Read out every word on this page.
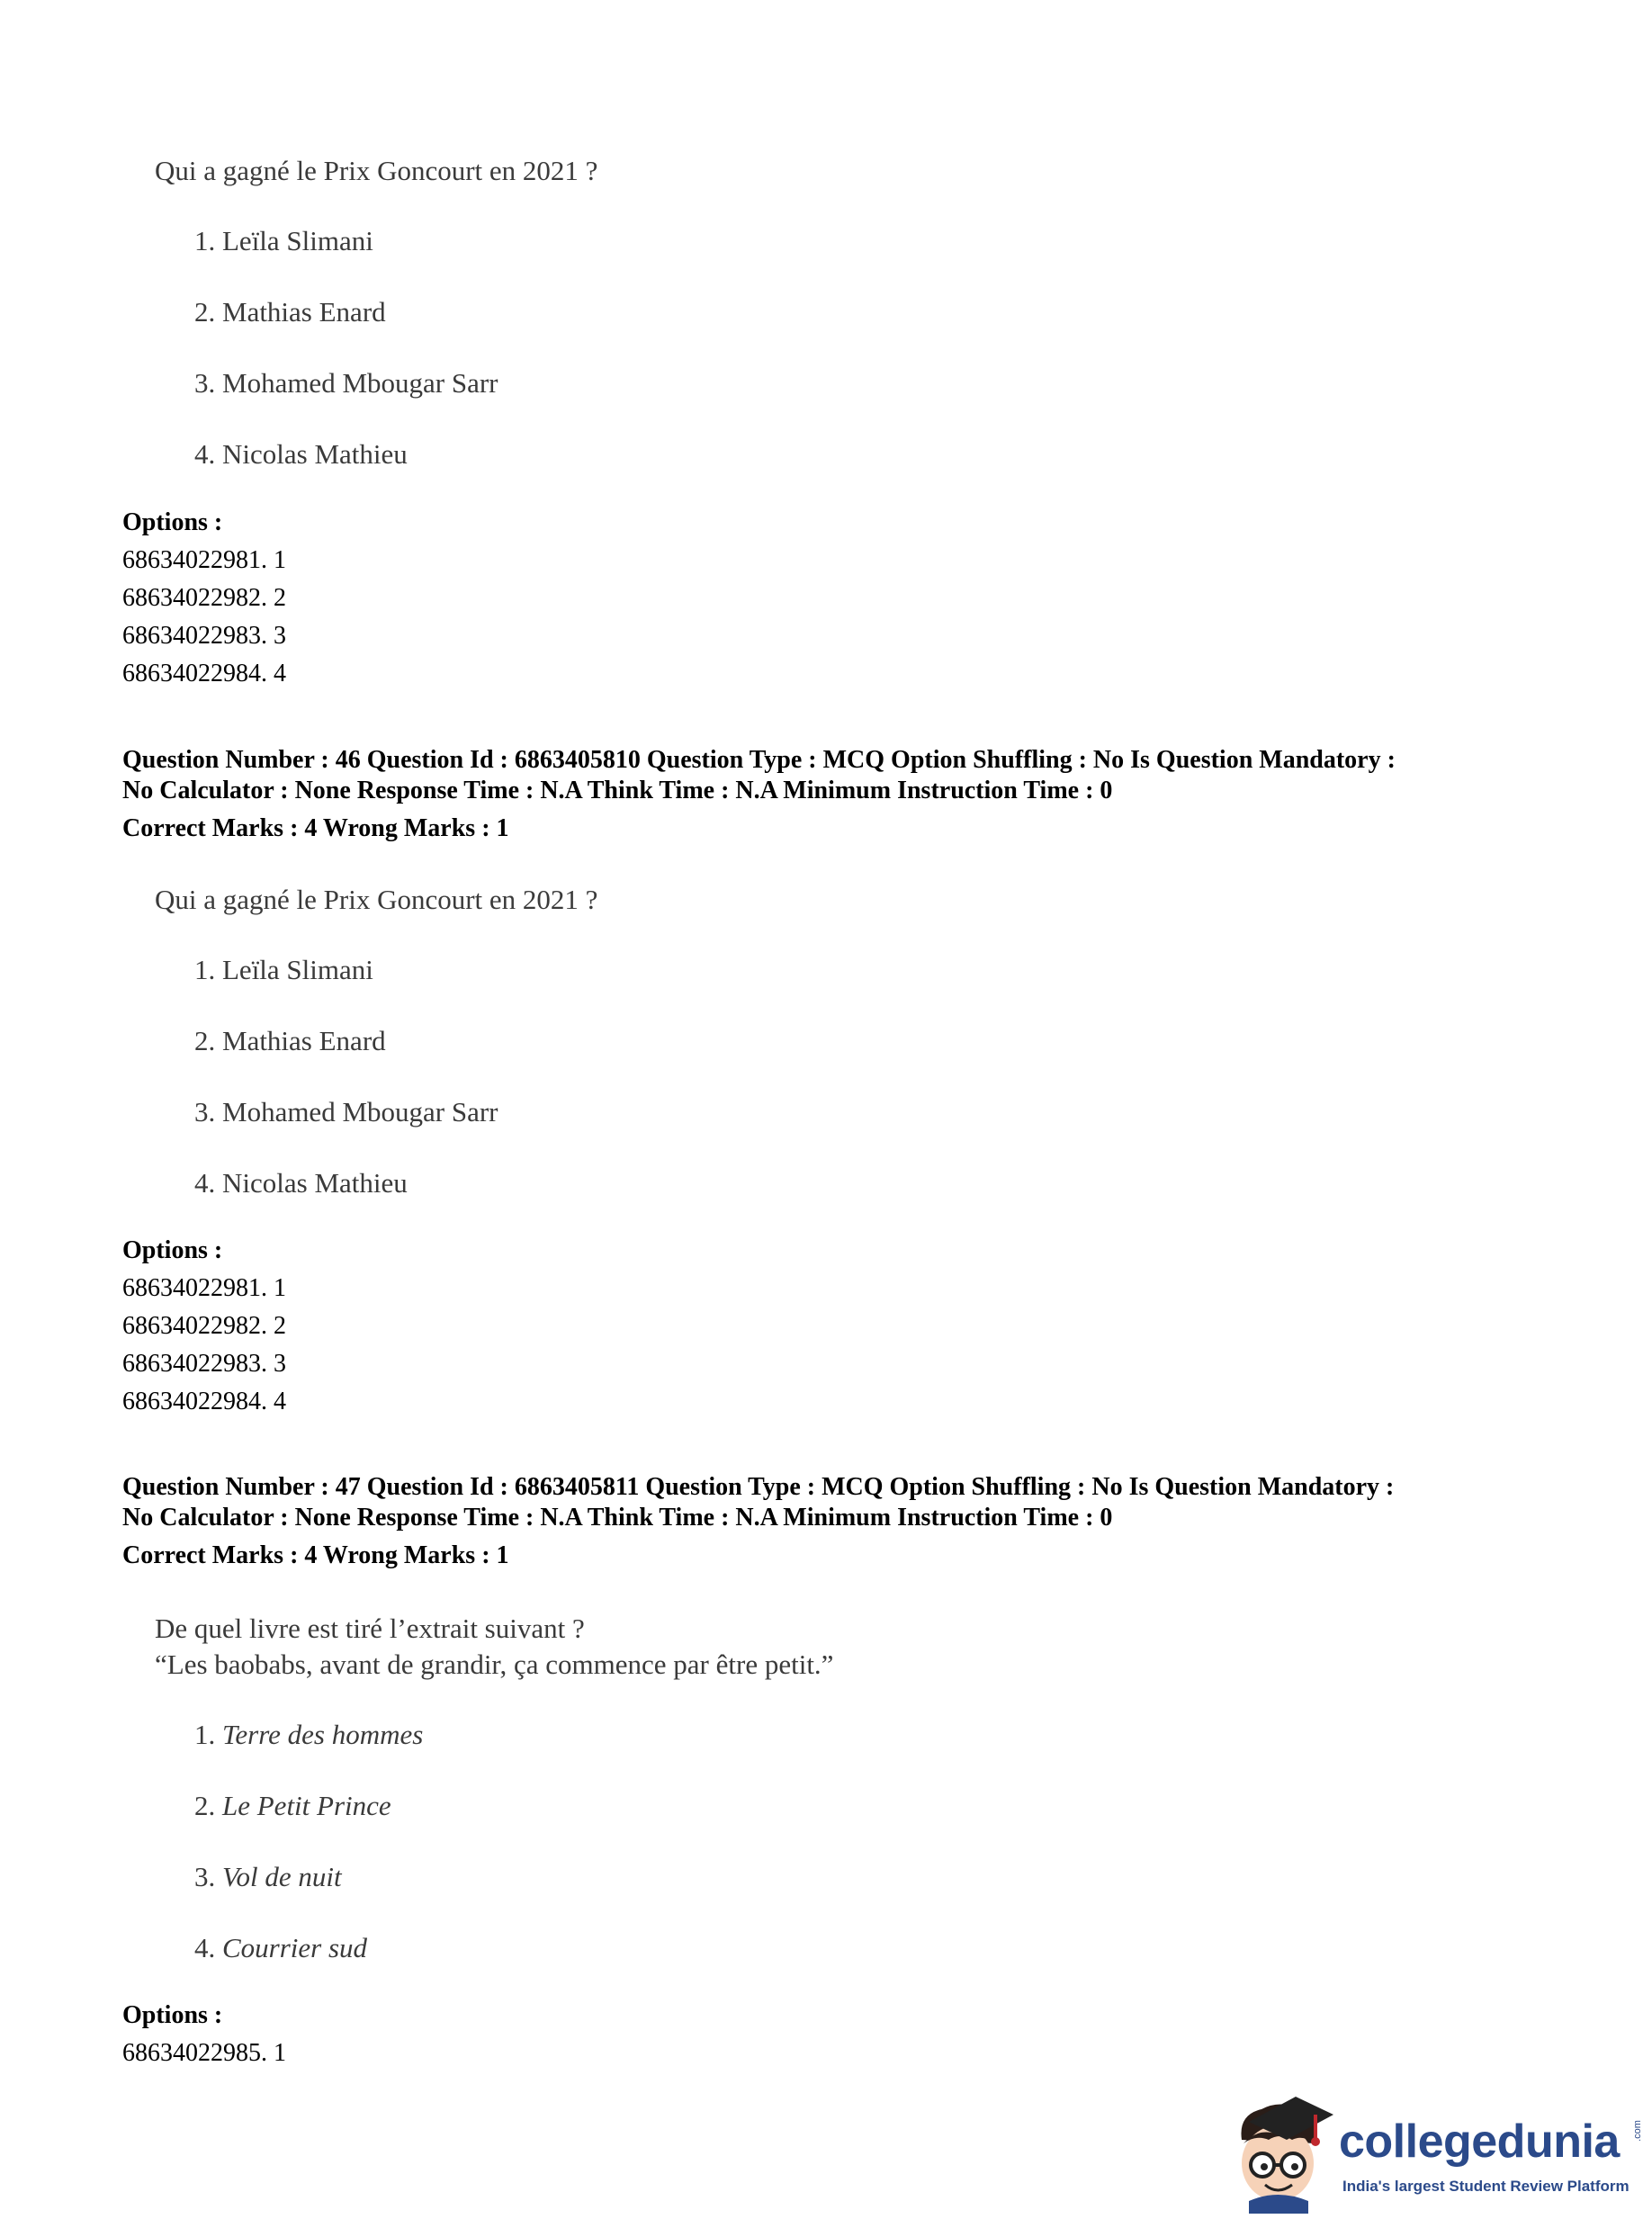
Qui a gagné le Prix Goncourt en 2021 ?
1. Leïla Slimani
2. Mathias Enard
3. Mohamed Mbougar Sarr
4. Nicolas Mathieu
Options :
68634022981. 1
68634022982. 2
68634022983. 3
68634022984. 4
Question Number : 46 Question Id : 6863405810 Question Type : MCQ Option Shuffling : No Is Question Mandatory :
No Calculator : None Response Time : N.A Think Time : N.A Minimum Instruction Time : 0
Correct Marks : 4 Wrong Marks : 1
Qui a gagné le Prix Goncourt en 2021 ?
1. Leïla Slimani
2. Mathias Enard
3. Mohamed Mbougar Sarr
4. Nicolas Mathieu
Options :
68634022981. 1
68634022982. 2
68634022983. 3
68634022984. 4
Question Number : 47 Question Id : 6863405811 Question Type : MCQ Option Shuffling : No Is Question Mandatory :
No Calculator : None Response Time : N.A Think Time : N.A Minimum Instruction Time : 0
Correct Marks : 4 Wrong Marks : 1
De quel livre est tiré l’extrait suivant ?
“Les baobabs, avant de grandir, ça commence par être petit.”
1. Terre des hommes
2. Le Petit Prince
3. Vol de nuit
4. Courrier sud
Options :
68634022985. 1
collegedunia .com
India's largest Student Review Platform
